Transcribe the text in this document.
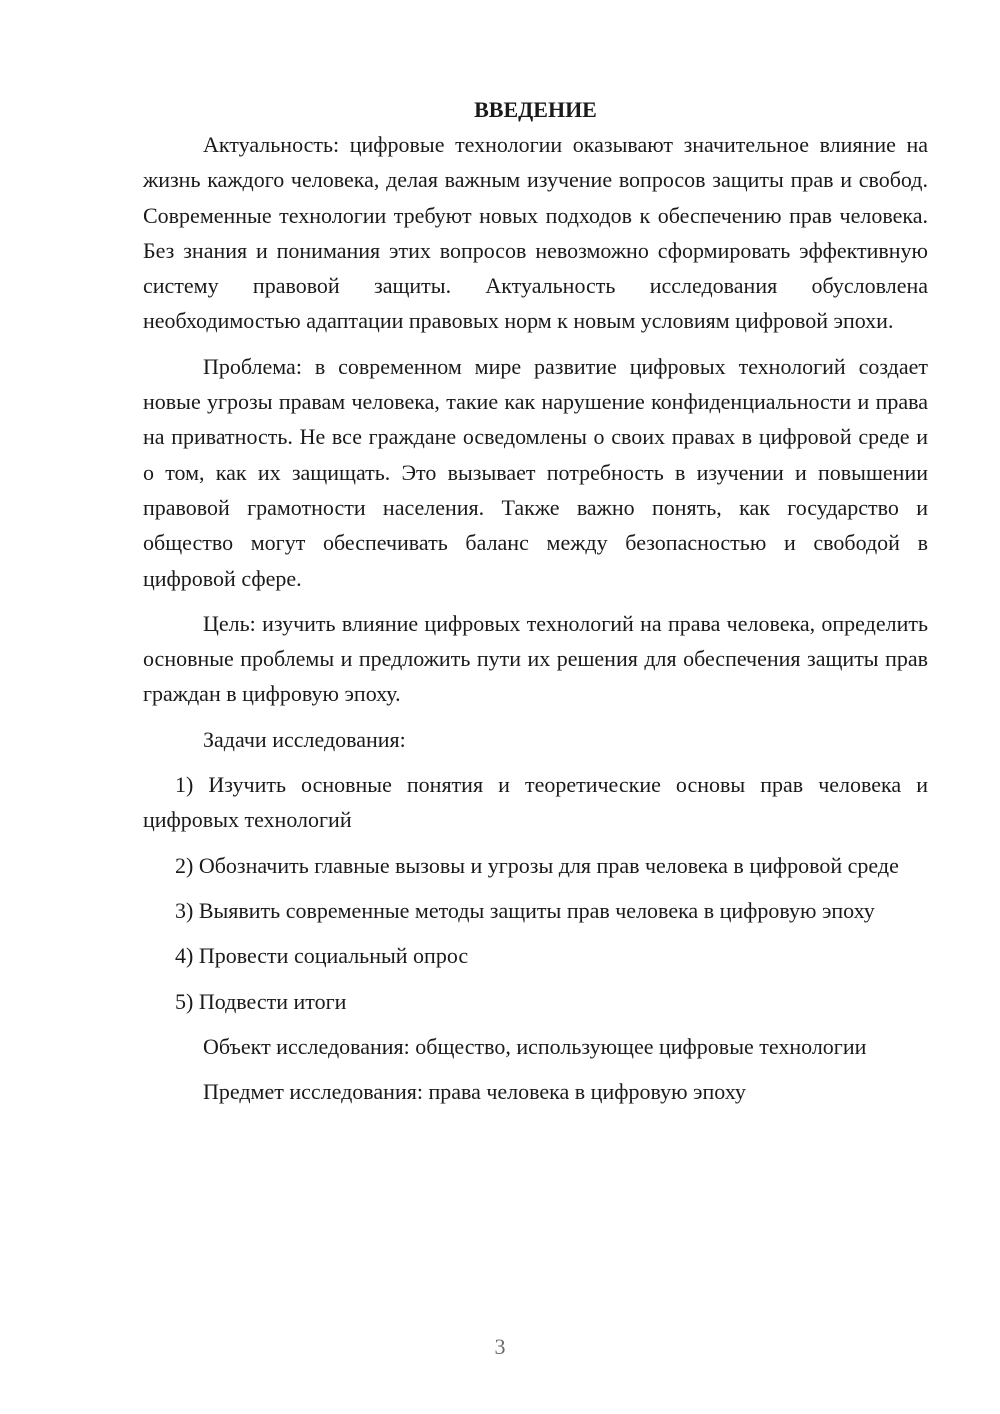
ВВЕДЕНИЕ

Актуальность: цифровые технологии оказывают значительное влияние на жизнь каждого человека, делая важным изучение вопросов защиты прав и свобод. Современные технологии требуют новых подходов к обеспечению прав человека. Без знания и понимания этих вопросов невозможно сформировать эффективную систему правовой защиты. Актуальность исследования обусловлена необходимостью адаптации правовых норм к новым условиям цифровой эпохи.

Проблема: в современном мире развитие цифровых технологий создает новые угрозы правам человека, такие как нарушение конфиденциальности и права на приватность. Не все граждане осведомлены о своих правах в цифровой среде и о том, как их защищать. Это вызывает потребность в изучении и повышении правовой грамотности населения. Также важно понять, как государство и общество могут обеспечивать баланс между безопасностью и свободой в цифровой сфере.

Цель: изучить влияние цифровых технологий на права человека, определить основные проблемы и предложить пути их решения для обеспечения защиты прав граждан в цифровую эпоху.

Задачи исследования:

1) Изучить основные понятия и теоретические основы прав человека и цифровых технологий

2) Обозначить главные вызовы и угрозы для прав человека в цифровой среде

3) Выявить современные методы защиты прав человека в цифровую эпоху

4) Провести социальный опрос

5) Подвести итоги

Объект исследования: общество, использующее цифровые технологии

Предмет исследования: права человека в цифровую эпоху

3
